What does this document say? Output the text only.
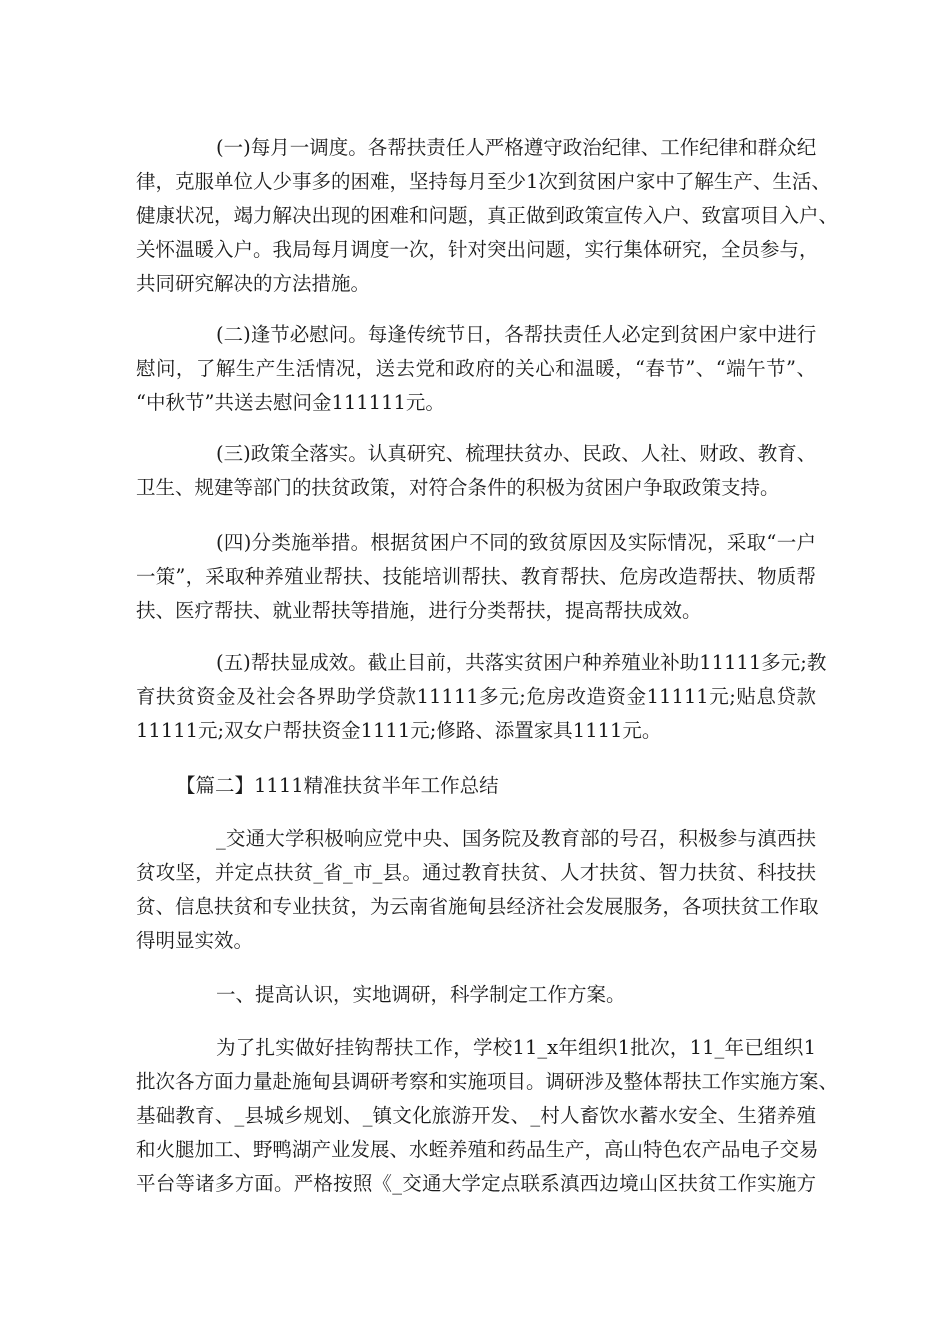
(一)每月一调度。各帮扶责任人严格遵守政治纪律、工作纪律和群众纪
律，克服单位人少事多的困难，坚持每月至少1次到贫困户家中了解生产、生活、
健康状况，竭力解决出现的困难和问题，真正做到政策宣传入户、致富项目入户、
关怀温暖入户。我局每月调度一次，针对突出问题，实行集体研究，全员参与，
共同研究解决的方法措施。
(二)逢节必慰问。每逢传统节日，各帮扶责任人必定到贫困户家中进行
慰问，了解生产生活情况，送去党和政府的关心和温暖，“春节”、“端午节”、
“中秋节”共送去慰问金111111元。
(三)政策全落实。认真研究、梳理扶贫办、民政、人社、财政、教育、
卫生、规建等部门的扶贫政策，对符合条件的积极为贫困户争取政策支持。
(四)分类施举措。根据贫困户不同的致贫原因及实际情况，采取“一户
一策”，采取种养殖业帮扶、技能培训帮扶、教育帮扶、危房改造帮扶、物质帮
扶、医疗帮扶、就业帮扶等措施，进行分类帮扶，提高帮扶成效。
(五)帮扶显成效。截止目前，共落实贫困户种养殖业补助11111多元;教
育扶贫资金及社会各界助学贷款11111多元;危房改造资金11111元;贴息贷款
11111元;双女户帮扶资金1111元;修路、添置家具1111元。
【篇二】1111精准扶贫半年工作总结
_交通大学积极响应党中央、国务院及教育部的号召，积极参与滇西扶
贫攻坚，并定点扶贫_省_市_县。通过教育扶贫、人才扶贫、智力扶贫、科技扶
贫、信息扶贫和专业扶贫，为云南省施甸县经济社会发展服务，各项扶贫工作取
得明显实效。
一、提高认识，实地调研，科学制定工作方案。
为了扎实做好挂钩帮扶工作，学校11_x年组织1批次，11_年已组织1
批次各方面力量赴施甸县调研考察和实施项目。调研涉及整体帮扶工作实施方案、
基础教育、_县城乡规划、_镇文化旅游开发、_村人畜饮水蓄水安全、生猪养殖
和火腿加工、野鸭湖产业发展、水蛭养殖和药品生产，高山特色农产品电子交易
平台等诸多方面。严格按照《_交通大学定点联系滇西边境山区扶贫工作实施方
